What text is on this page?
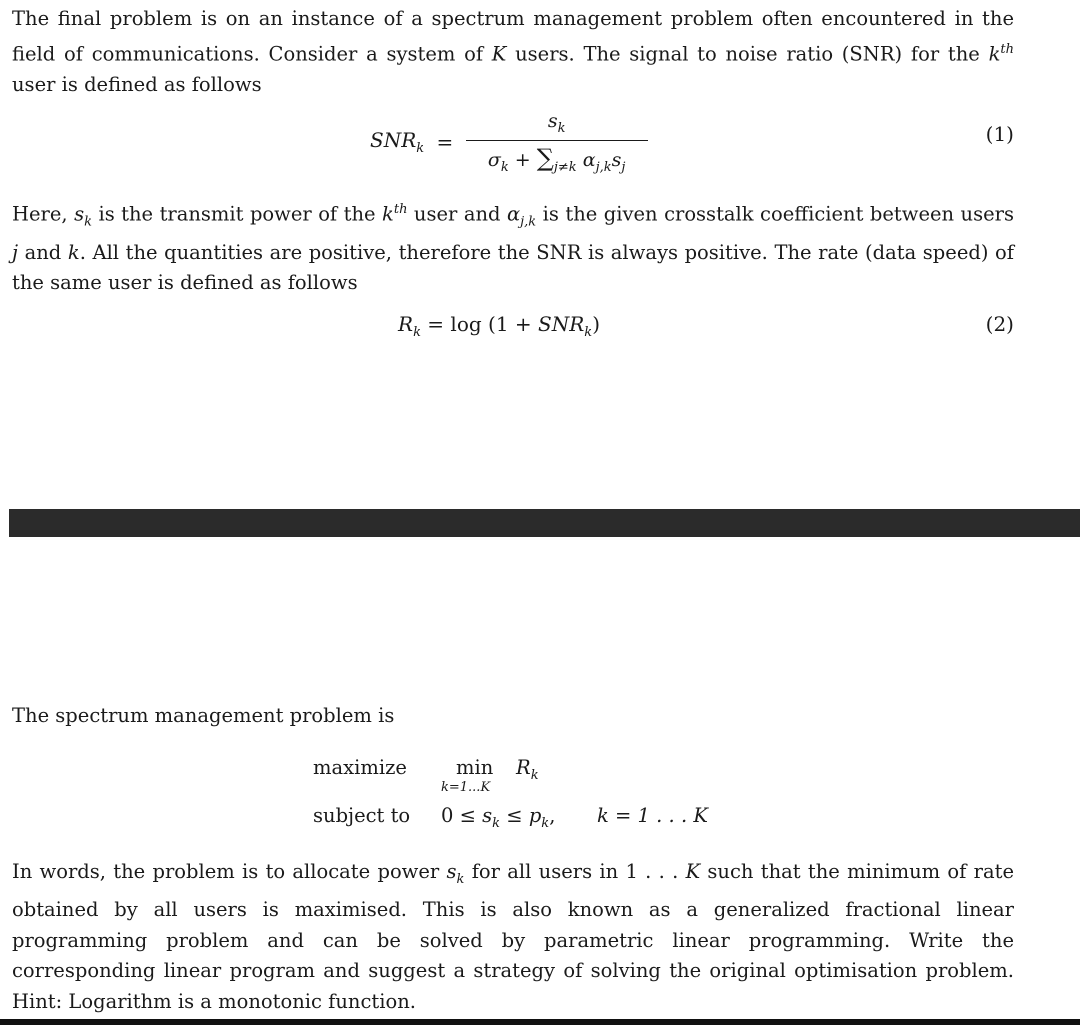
The final problem is on an instance of a spectrum management problem often encountered in the field of communications. Consider a system of K users. The signal to noise ratio (SNR) for the $k^{th}$ user is defined as follows
$SNR_k = \frac{s_k}{\sigma_k + \sum_{j\ne k} \alpha_{j,k}s_j}$	(1)
Here, $s_k$ is the transmit power of the $k^{th}$ user and $\alpha_{j,k}$ is the given crosstalk coefficient between users j and k. All the quantities are positive, therefore the SNR is always positive. The rate (data speed) of the same user is defined as follows
$R_k = \log (1 + SNR_k)$	(2)
The spectrum management problem is
maximize	min
k=1...K
$R_k$
subject to $0 \le s_k \le p_k$, k = 1 . . . K
In words, the problem is to allocate power $s_k$ for all users in 1 . . . K such that the minimum of rate obtained by all users is maximised. This is also known as a generalized fractional linear programming problem and can be solved by parametric linear programming. Write the corresponding linear program and suggest a strategy of solving the original optimisation problem. Hint: Logarithm is a monotonic function.
